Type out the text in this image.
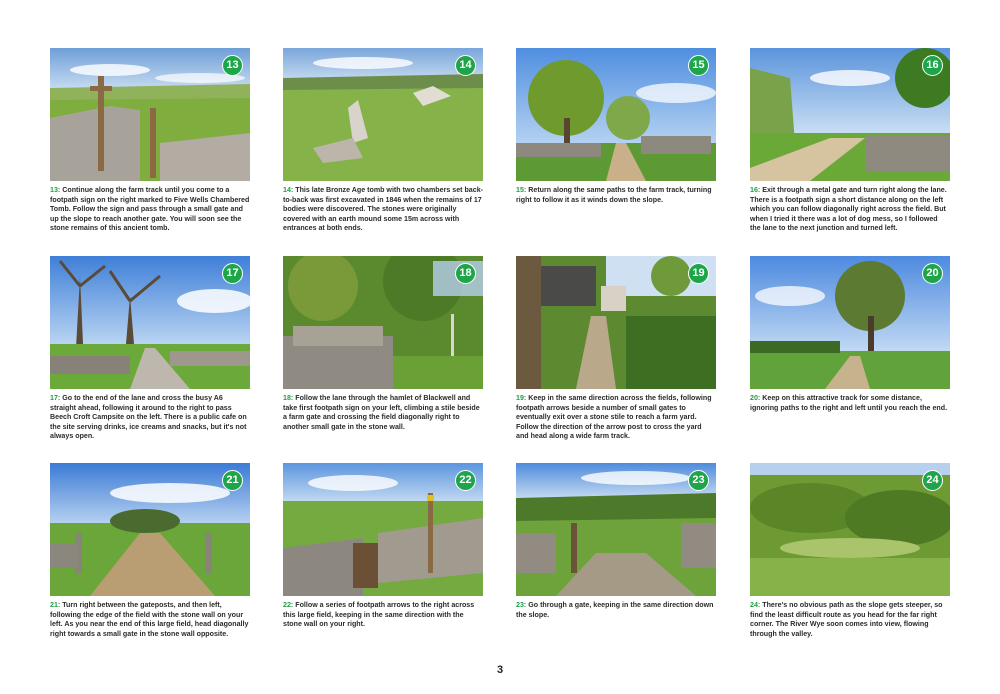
13
13: Continue along the farm track until you come to a footpath sign on the right marked to Five Wells Chambered Tomb. Follow the sign and pass through a small gate and up the slope to reach another gate. You will soon see the stone remains of this ancient tomb.
14
14: This late Bronze Age tomb with two chambers set back-to-back was first excavated in 1846 when the remains of 17 bodies were discovered. The stones were originally covered with an earth mound some 15m across with entrances at both ends.
15
15: Return along the same paths to the farm track, turning right to follow it as it winds down the slope.
16
16: Exit through a metal gate and turn right along the lane. There is a footpath sign a short distance along on the left which you can follow diagonally right across the field. But when I tried it there was a lot of dog mess, so I followed the lane to the next junction and turned left.
17
17: Go to the end of the lane and cross the busy A6 straight ahead, following it around to the right to pass Beech Croft Campsite on the left. There is a public cafe on the site serving drinks, ice creams and snacks, but it's not always open.
18
18: Follow the lane through the hamlet of Blackwell and take first footpath sign on your left, climbing a stile beside a farm gate and crossing the field diagonally right to another small gate in the stone wall.
19
19: Keep in the same direction across the fields, following footpath arrows beside a number of small gates to eventually exit over a stone stile to reach a farm yard. Follow the direction of the arrow post to cross the yard and head along a wide farm track.
20
20: Keep on this attractive track for some distance, ignoring paths to the right and left until you reach the end.
21
21: Turn right between the gateposts, and then left, following the edge of the field with the stone wall on your left. As you near the end of this large field, head diagonally right towards a small gate in the stone wall opposite.
22
22: Follow a series of footpath arrows to the right across this large field, keeping in the same direction with the stone wall on your right.
23
23: Go through a gate, keeping in the same direction down the slope.
24
24: There's no obvious path as the slope gets steeper, so find the least difficult route as you head for the far right corner. The River Wye soon comes into view, flowing through the valley.
3
